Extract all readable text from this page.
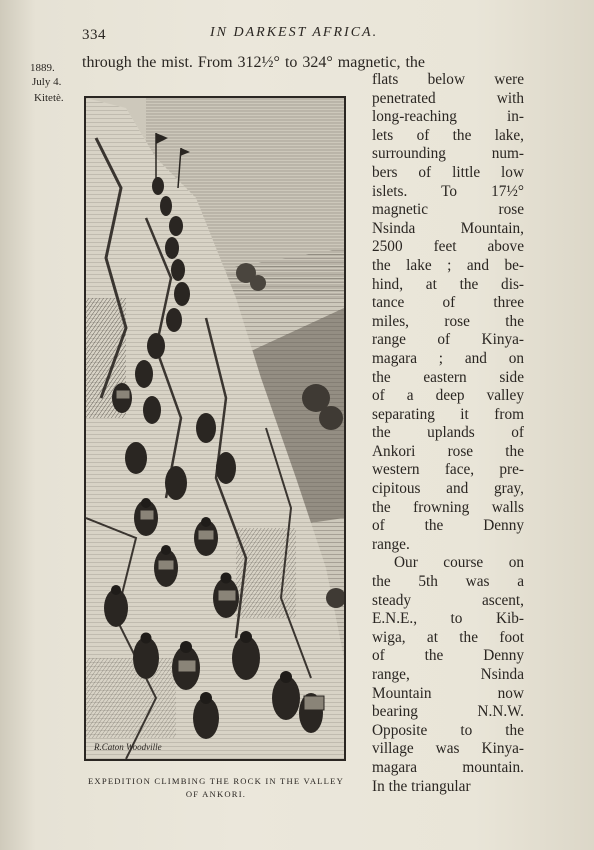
334	IN DARKEST AFRICA.
1889.
July 4.
Kitetè.
through the mist. From 312½° to 324° magnetic, the
flats below were
penetrated with
long-reaching in-
lets of the lake,
surrounding num-
bers of little low
islets. To 17½°
magnetic rose
Nsinda Mountain,
2500 feet above
the lake ; and be-
hind, at the dis-
tance of three
miles, rose the
range of Kinya-
magara ; and on
the eastern side
of a deep valley
separating it from
the uplands of
Ankori rose the
western face, pre-
cipitous and gray,
the frowning walls
of the Denny
range.
Our course on
the 5th was a
steady ascent,
E.N.E., to Kib-
wiga, at the foot
of the Denny
range, Nsinda
Mountain now
bearing N.N.W.
Opposite to the
village was Kinya-
magara mountain.
In the triangular
R.Caton Woodville
EXPEDITION CLIMBING THE ROCK IN THE VALLEY
OF ANKORI.
